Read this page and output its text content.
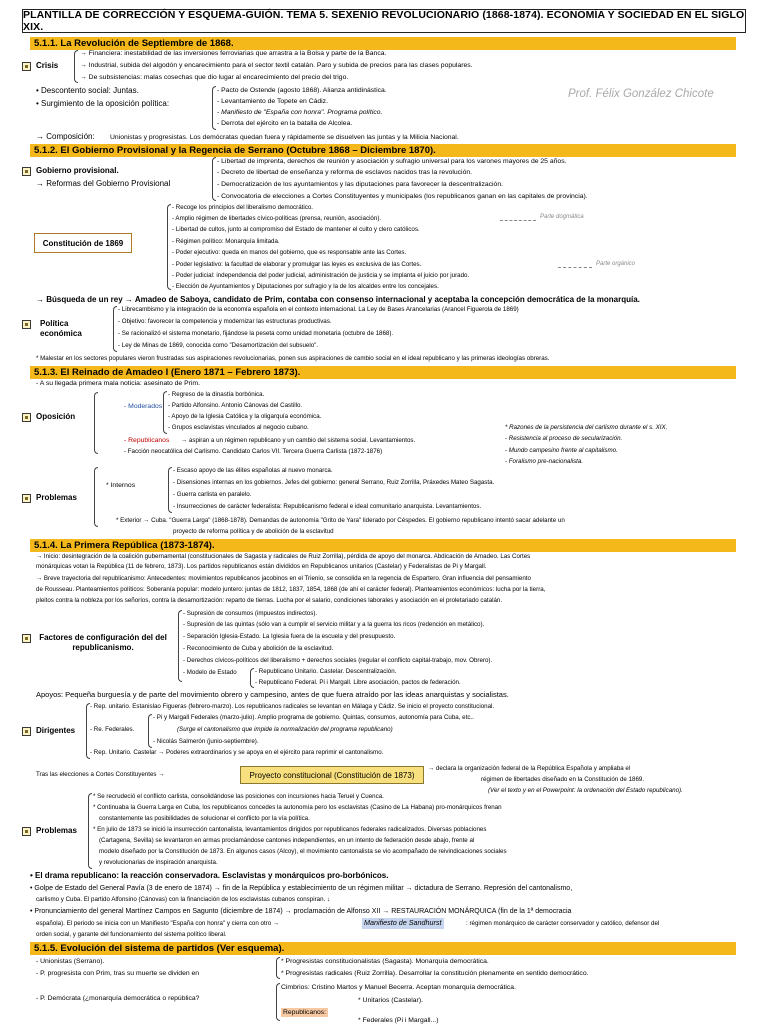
PLANTILLA DE CORRECCIÓN Y ESQUEMA-GUIÓN. TEMA 5. SEXENIO REVOLUCIONARIO (1868-1874). ECONOMÍA Y SOCIEDAD EN EL SIGLO XIX.
Prof. Félix González Chicote
5.1.1. La Revolución de Septiembre de 1868.
Crisis
→ Financiera: inestabilidad de las inversiones ferroviarias que arrastra a la Bolsa y parte de la Banca.
→ Industrial, subida del algodón y encarecimiento para el sector textil catalán. Paro y subida de precios para las clases populares.
→ De subsistencias: malas cosechas que dio lugar al encarecimiento del precio del trigo.
• Descontento social: Juntas.
• Surgimiento de la oposición política:
- Pacto de Ostende (agosto 1868). Alianza antidinástica.
- Levantamiento de Topete en Cádiz.
- Manifiesto de "España con honra". Programa político.
- Derrota del ejército en la batalla de Alcolea.
→ Composición: Unionistas y progresistas. Los demócratas quedan fuera y rápidamente se disuelven las juntas y la Milicia Nacional.
5.1.2. El Gobierno Provisional y la Regencia de Serrano (Octubre 1868 – Diciembre 1870).
Gobierno provisional.
→ Reformas del Gobierno Provisional
- Libertad de imprenta, derechos de reunión y asociación y sufragio universal para los varones mayores de 25 años.
- Decreto de libertad de enseñanza y reforma de esclavos nacidos tras la revolución.
- Democratización de los ayuntamientos y las diputaciones para favorecer la descentralización.
- Convocatoria de elecciones a Cortes Constituyentes y municipales (los republicanos ganan en las capitales de provincia).
Constitución de 1869
- Recoge los principios del liberalismo democrático.
- Amplio régimen de libertades cívico-políticas (prensa, reunión, asociación).
- Libertad de cultos, junto al compromiso del Estado de mantener el culto y clero católicos.
- Régimen político: Monarquía limitada.
- Poder ejecutivo: queda en manos del gobierno, que es responsable ante las Cortes.
- Poder legislativo: la facultad de elaborar y promulgar las leyes es exclusiva de las Cortes.
- Poder judicial: independencia del poder judicial, administración de justicia y se implanta el juicio por jurado.
- Elección de Ayuntamientos y Diputaciones por sufragio y la de los alcaldes entre los concejales.
Parte dogmática
Parte orgánico
→ Búsqueda de un rey → Amadeo de Saboya, candidato de Prim, contaba con consenso internacional y aceptaba la concepción democrática de la monarquía.
Política económica
- Librecambismo y la integración de la economía española en el contexto internacional. La Ley de Bases Arancelarias (Arancel Figuerola de 1869)
- Objetivo: favorecer la competencia y modernizar las estructuras productivas.
- Se racionalizó el sistema monetario, fijándose la peseta como unidad monetaria (octubre de 1868).
- Ley de Minas de 1869, conocida como "Desamortización del subsuelo".
* Malestar en los sectores populares vieron frustradas sus aspiraciones revolucionarias, ponen sus aspiraciones de cambio social en el ideal republicano y las primeras ideologías obreras.
5.1.3. El Reinado de Amadeo I (Enero 1871 – Febrero 1873).
- A su llegada primera mala noticia: asesinato de Prim.
Oposición
- Moderados
- Regreso de la dinastía borbónica.
- Partido Alfonsino. Antonio Cánovas del Castillo.
- Apoyo de la Iglesia Católica y la oligarquía económica.
- Grupos esclavistas vinculados al negocio cubano.
- Republicanos → aspiran a un régimen republicano y un cambio del sistema social. Levantamientos.
- Facción neocatólica del Carlismo. Candidato Carlos VII. Tercera Guerra Carlista (1872-1876)
* Razones de la persistencia del carlismo durante el s. XIX.
- Resistencia al proceso de secularización.
- Mundo campesino frente al capitalismo.
- Foralismo pre-nacionalista.
Problemas
* Internos
- Escaso apoyo de las élites españolas al nuevo monarca.
- Disensiones internas en los gobiernos. Jefes del gobierno: general Serrano, Ruiz Zorrilla, Práxedes Mateo Sagasta.
- Guerra carlista en paralelo.
- Insurrecciones de carácter federalista: Republicanismo federal e ideal comunitario anarquista. Levantamientos.
* Exterior → Cuba. "Guerra Larga" (1868-1878). Demandas de autonomía "Grito de Yara" liderado por Céspedes. El gobierno republicano intentó sacar adelante un
proyecto de reforma política y de abolición de la esclavitud
5.1.4. La Primera República (1873-1874).
→ Inicio: desintegración de la coalición gubernamental (constitucionales de Sagasta y radicales de Ruiz Zorrilla), pérdida de apoyo del monarca. Abdicación de Amadeo. Las Cortes
monárquicas votan la República (11 de febrero, 1873). Los partidos republicanos están divididos en Republicanos unitarios (Castelar) y Federalistas de Pi y Margall.
→ Breve trayectoria del republicanismo: Antecedentes: movimientos republicanos jacobinos en el Trienio, se consolida en la regencia de Espartero. Gran influencia del pensamiento
de Rousseau. Planteamientos políticos: Soberanía popular: modelo juntero: juntas de 1812, 1837, 1854, 1868 (de ahí el carácter federal). Planteamientos económicos: lucha por la tierra,
pleitos contra la nobleza por los señoríos, contra la desamortización: reparto de tierras. Lucha por el salario, condiciones laborales y asociación en el proletariado catalán.
Factores de configuración del del republicanismo.
- Supresión de consumos (impuestos indirectos).
- Supresión de las quintas (sólo van a cumplir el servicio militar y a la guerra los ricos (redención en metálico).
- Separación Iglesia-Estado. La Iglesia fuera de la escuela y del presupuesto.
- Reconocimiento de Cuba y abolición de la esclavitud.
- Derechos cívicos-políticos del liberalismo + derechos sociales (regular el conflicto capital-trabajo, mov. Obrero).
- Modelo de Estado	- Republicano Unitario. Castelar. Descentralización.
- Republicano Federal. Pi i Margall. Libre asociación, pactos de federación.
Apoyos: Pequeña burguesía y de parte del movimiento obrero y campesino, antes de que fuera atraído por las ideas anarquistas y socialistas.
Dirigentes
- Rep. unitario. Estanislao Figueras (febrero-marzo). Los republicanos radicales se levantan en Málaga y Cádiz. Se inicio el proyecto constitucional.
- Re. Federales.
- Pi y Margall Federales (marzo-julio). Amplio programa de gobierno. Quintas, consumos, autonomía para Cuba, etc..
(Surge el cantonalismo que impide la normalización del programa republicano)
- Nicolás Salmerón (junio-septiembre).
- Rep. Unitario. Castelar → Poderes extraordinarios y se apoya en el ejército para reprimir el cantonalismo.
Tras las elecciones a Cortes Constituyentes →	Proyecto constitucional (Constitución de 1873)
→ declara la organización federal de la República Española y ampliaba el
régimen de libertades diseñado en la Constitución de 1869.
(Ver el texto y en el Powerpoint: la ordenación del Estado republicano).
Problemas
* Se recrudeció el conflicto carlista, consolidándose las posiciones con incursiones hacia Teruel y Cuenca.
* Continuaba la Guerra Larga en Cuba, los republicanos concedes la autonomía pero los esclavistas (Casino de La Habana) pro-monárquicos frenan
constantemente las posibilidades de solucionar el conflicto por la vía política.
* En julio de 1873 se inició la insurrección cantonalista, levantamientos dirigidos por republicanos federales radicalizados. Diversas poblaciones
(Cartagena, Sevilla) se levantaron en armas proclamándose cantones independientes, en un intento de federación desde abajo, frente al
modelo diseñado por la Constitución de 1873. En algunos casos (Alcoy), el movimiento cantonalista se vio acompañado de reivindicaciones sociales
y revolucionarias de inspiración anarquista.
• El drama republicano: la reacción conservadora. Esclavistas y monárquicos pro-borbónicos.
• Golpe de Estado del General Pavía (3 de enero de 1874) → fin de la República y establecimiento de un régimen militar → dictadura de Serrano. Represión del cantonalismo,
carlismo y Cuba. El partido Alfonsino (Cánovas) con la financiación de los esclavistas cubanos conspiran. ↓
• Pronunciamiento del general Martínez Campos en Sagunto (diciembre de 1874) → proclamación de Alfonso XII → RESTAURACIÓN MONÁRQUICA (fin de la 1ª democracia
española). El periodo se inicia con un Manifiesto "España con honra" y cierra con otro →	Manifiesto de Sandhurst	: régimen monárquico de carácter conservador y católico, defensor del
orden social, y garante del funcionamiento del sistema político liberal.
5.1.5. Evolución del sistema de partidos (Ver esquema).
- Unionistas (Serrano).
- P. progresista con Prim, tras su muerte se dividen en
* Progresistas constitucionalistas (Sagasta). Monarquía democrática.
* Progresistas radicales (Ruiz Zorrilla). Desarrollar la constitución plenamente en sentido democrático.
- P. Demócrata (¿monarquía democrática o república?
Cimbrios: Cristino Martos y Manuel Becerra. Aceptan monarquía democrática.
* Unitarios (Castelar).
Republicanos:
* Federales (Pi i Margall...)
